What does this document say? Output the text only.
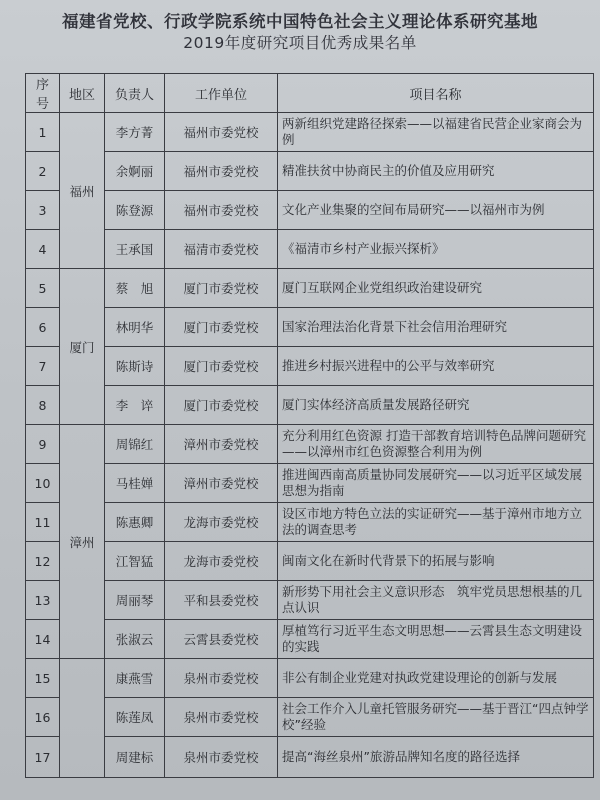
福建省党校、行政学院系统中国特色社会主义理论体系研究基地
2019年度研究项目优秀成果名单
序号	地区	负责人	工作单位	项目名称
1	福州	李方菁	福州市委党校	两新组织党建路径探索——以福建省民营企业家商会为例
2		余婀丽	福州市委党校	精准扶贫中协商民主的价值及应用研究
3		陈登源	福州市委党校	文化产业集聚的空间布局研究——以福州市为例
4		王承国	福清市委党校	《福清市乡村产业振兴探析》
5	厦门	蔡　旭	厦门市委党校	厦门互联网企业党组织政治建设研究
6		林明华	厦门市委党校	国家治理法治化背景下社会信用治理研究
7		陈斯诗	厦门市委党校	推进乡村振兴进程中的公平与效率研究
8		李　谇	厦门市委党校	厦门实体经济高质量发展路径研究
9	漳州	周锦红	漳州市委党校	充分利用红色资源 打造干部教育培训特色品牌问题研究——以漳州市红色资源整合利用为例
10		马桂婵	漳州市委党校	推进闽西南高质量协同发展研究——以习近平区域发展思想为指南
11		陈惠卿	龙海市委党校	设区市地方特色立法的实证研究——基于漳州市地方立法的调查思考
12		江智猛	龙海市委党校	闽南文化在新时代背景下的拓展与影响
13		周丽琴	平和县委党校	新形势下用社会主义意识形态　筑牢党员思想根基的几点认识
14		张淑云	云霄县委党校	厚植笃行习近平生态文明思想——云霄县生态文明建设的实践
15		康燕雪	泉州市委党校	非公有制企业党建对执政党建设理论的创新与发展
16		陈莲凤	泉州市委党校	社会工作介入儿童托管服务研究——基于晋江“四点钟学校”经验
17		周建标	泉州市委党校	提高“海丝泉州”旅游品牌知名度的路径选择
